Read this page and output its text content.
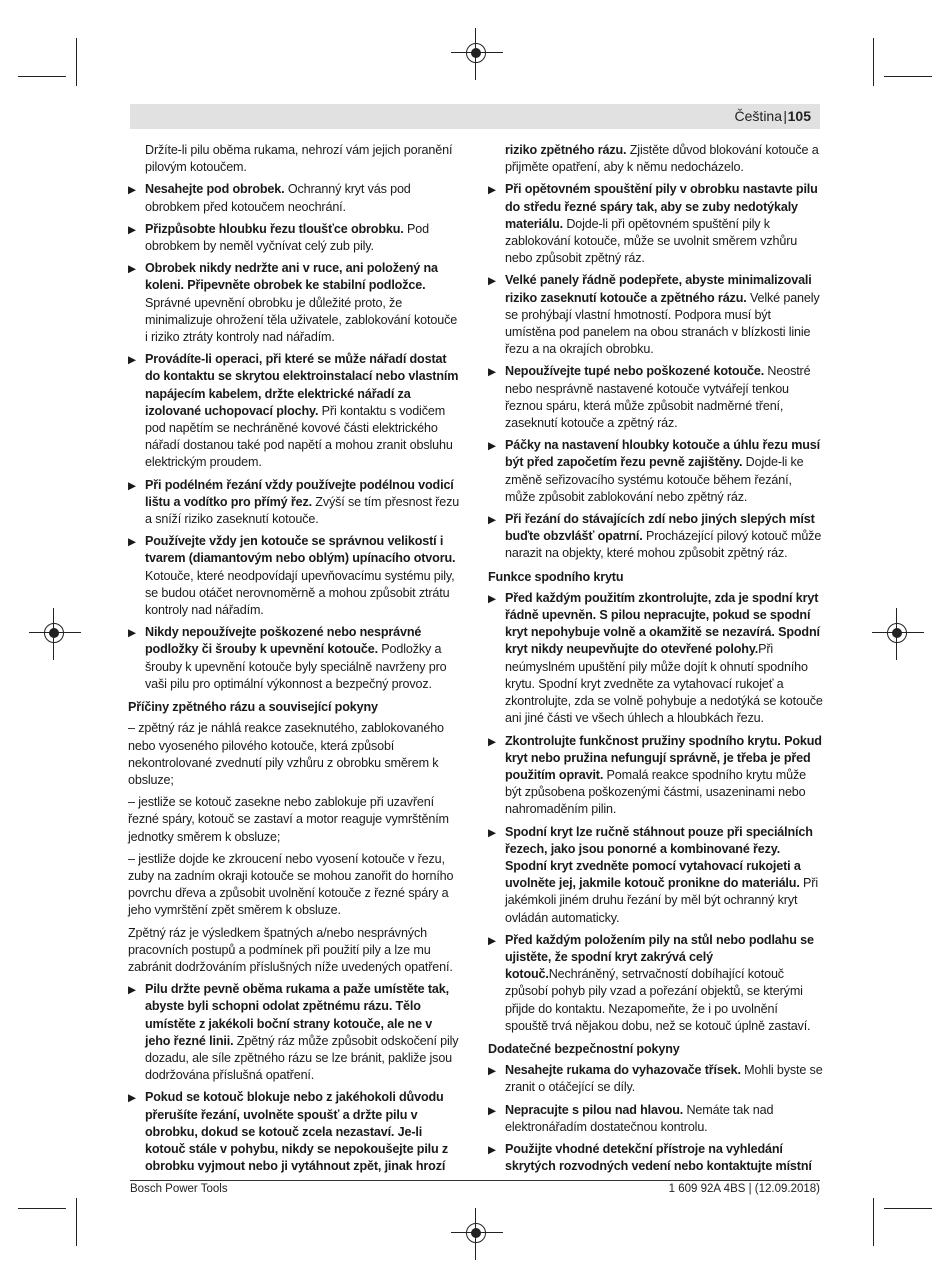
Čeština | 105

Držíte-li pilu oběma rukama, nehrozí vám jejich poranění pilovým kotoučem.

▶ Nesahejte pod obrobek. Ochranný kryt vás pod obrobkem před kotoučem neochrání.
▶ Přizpůsobte hloubku řezu tloušťce obrobku. Pod obrobkem by neměl vyčnívat celý zub pily.
▶ Obrobek nikdy nedržte ani v ruce, ani položený na koleni. Připevněte obrobek ke stabilní podložce. Správné upevnění obrobku je důležité proto, že minimalizuje ohrožení těla uživatele, zablokování kotouče i riziko ztráty kontroly nad nářadím.
▶ Provádíte-li operaci, při které se může nářadí dostat do kontaktu se skrytou elektroinstalací nebo vlastním napájecím kabelem, držte elektrické nářadí za izolované uchopovací plochy. Při kontaktu s vodičem pod napětím se nechráněné kovové části elektrického nářadí dostanou také pod napětí a mohou zranit obsluhu elektrickým proudem.
▶ Při podélném řezání vždy používejte podélnou vodicí lištu a vodítko pro přímý řez. Zvýší se tím přesnost řezu a sníží riziko zaseknutí kotouče.
▶ Používejte vždy jen kotouče se správnou velikostí i tvarem (diamantovým nebo oblým) upínacího otvoru. Kotouče, které neodpovídají upevňovacímu systému pily, se budou otáčet nerovnoměrně a mohou způsobit ztrátu kontroly nad nářadím.
▶ Nikdy nepoužívejte poškozené nebo nesprávné podložky či šrouby k upevnění kotouče. Podložky a šrouby k upevnění kotouče byly speciálně navrženy pro vaši pilu pro optimální výkonnost a bezpečný provoz.
Příčiny zpětného rázu a související pokyny

– zpětný ráz je náhlá reakce zaseknutého, zablokovaného nebo vyoseného pilového kotouče, která způsobí nekontrolované zvednutí pily vzhůru z obrobku směrem k obsluze;

– jestliže se kotouč zasekne nebo zablokuje při uzavření řezné spáry, kotouč se zastaví a motor reaguje vymrštěním jednotky směrem k obsluze;

– jestliže dojde ke zkroucení nebo vyosení kotouče v řezu, zuby na zadním okraji kotouče se mohou zanořit do horního povrchu dřeva a způsobit uvolnění kotouče z řezné spáry a jeho vymrštění zpět směrem k obsluze.

Zpětný ráz je výsledkem špatných a/nebo nesprávných pracovních postupů a podmínek při použití pily a lze mu zabránit dodržováním příslušných níže uvedených opatření.

▶ Pilu držte pevně oběma rukama a paže umístěte tak, abyste byli schopni odolat zpětnému rázu. Tělo umístěte z jakékoli boční strany kotouče, ale ne v jeho řezné linii. Zpětný ráz může způsobit odskočení pily dozadu, ale síle zpětného rázu se lze bránit, pakliže jsou dodržována příslušná opatření.
▶ Pokud se kotouč blokuje nebo z jakéhokoli důvodu přerušíte řezání, uvolněte spoušť a držte pilu v obrobku, dokud se kotouč zcela nezastaví. Je-li kotouč stále v pohybu, nikdy se nepokoušejte pilu z obrobku vyjmout nebo ji vytáhnout zpět, jinak hrozí

riziko zpětného rázu. Zjistěte důvod blokování kotouče a přijměte opatření, aby k němu nedocházelo.

▶ Při opětovném spouštění pily v obrobku nastavte pilu do středu řezné spáry tak, aby se zuby nedotýkaly materiálu. Dojde-li při opětovném spuštění pily k zablokování kotouče, může se uvolnit směrem vzhůru nebo způsobit zpětný ráz.
▶ Velké panely řádně podepřete, abyste minimalizovali riziko zaseknutí kotouče a zpětného rázu. Velké panely se prohýbají vlastní hmotností. Podpora musí být umístěna pod panelem na obou stranách v blízkosti linie řezu a na okrajích obrobku.
▶ Nepoužívejte tupé nebo poškozené kotouče. Neostré nebo nesprávně nastavené kotouče vytvářejí tenkou řeznou spáru, která může způsobit nadměrné tření, zaseknutí kotouče a zpětný ráz.
▶ Páčky na nastavení hloubky kotouče a úhlu řezu musí být před započetím řezu pevně zajištěny. Dojde-li ke změně seřizovacího systému kotouče během řezání, může způsobit zablokování nebo zpětný ráz.
▶ Při řezání do stávajících zdí nebo jiných slepých míst buďte obzvlášť opatrní. Procházející pilový kotouč může narazit na objekty, které mohou způsobit zpětný ráz.
Funkce spodního krytu
▶ Před každým použitím zkontrolujte, zda je spodní kryt řádně upevněn. S pilou nepracujte, pokud se spodní kryt nepohybuje volně a okamžitě se nezavírá. Spodní kryt nikdy neupevňujte do otevřené polohy.Při neúmyslném upuštění pily může dojít k ohnutí spodního krytu. Spodní kryt zvedněte za vytahovací rukojeť a zkontrolujte, zda se volně pohybuje a nedotýká se kotouče ani jiné části ve všech úhlech a hloubkách řezu.
▶ Zkontrolujte funkčnost pružiny spodního krytu. Pokud kryt nebo pružina nefungují správně, je třeba je před použitím opravit. Pomalá reakce spodního krytu může být způsobena poškozenými částmi, usazeninami nebo nahromaděním pilin.
▶ Spodní kryt lze ručně stáhnout pouze při speciálních řezech, jako jsou ponorné a kombinované řezy. Spodní kryt zvedněte pomocí vytahovací rukojeti a uvolněte jej, jakmile kotouč pronikne do materiálu. Při jakémkoli jiném druhu řezání by měl být ochranný kryt ovládán automaticky.
▶ Před každým položením pily na stůl nebo podlahu se ujistěte, že spodní kryt zakrývá celý kotouč.Nechráněný, setrvačností dobíhající kotouč způsobí pohyb pily vzad a pořezání objektů, se kterými přijde do kontaktu. Nezapomeňte, že i po uvolnění spouště trvá nějakou dobu, než se kotouč úplně zastaví.
Dodatečné bezpečnostní pokyny
▶ Nesahejte rukama do vyhazovače třísek. Mohli byste se zranit o otáčející se díly.
▶ Nepracujte s pilou nad hlavou. Nemáte tak nad elektronářadím dostatečnou kontrolu.
▶ Použijte vhodné detekční přístroje na vyhledání skrytých rozvodných vedení nebo kontaktujte místní
Bosch Power Tools	1 609 92A 4BS | (12.09.2018)
